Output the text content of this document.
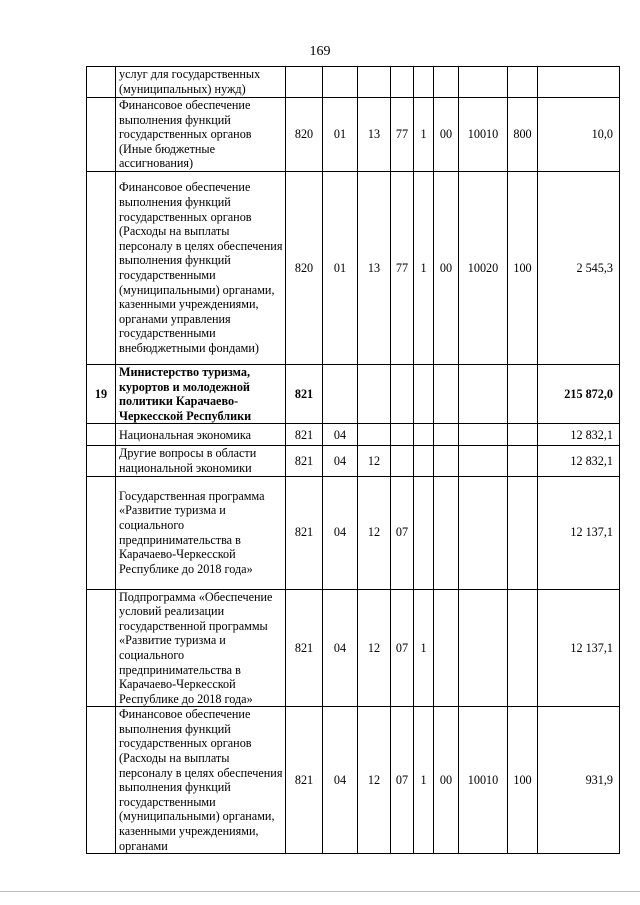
169
	услуг для государственных (муниципальных) нужд)									
	Финансовое обеспечение выполнения функций государственных органов (Иные бюджетные ассигнования)	820	01	13	77	1	00	10010	800	10,0
	Финансовое обеспечение выполнения функций государственных органов (Расходы на выплаты персоналу в целях обеспечения выполнения функций государственными (муниципальными) органами, казенными учреждениями, органами управления государственными внебюджетными фондами)	820	01	13	77	1	00	10020	100	2 545,3
19	Министерство туризма, курортов и молодежной политики Карачаево-Черкесской Республики	821								215 872,0
	Национальная экономика	821	04							12 832,1
	Другие вопросы в области национальной экономики	821	04	12						12 832,1
	Государственная программа «Развитие туризма и социального предпринимательства в Карачаево-Черкесской Республике до 2018 года»	821	04	12	07					12 137,1
	Подпрограмма «Обеспечение условий реализации государственной программы «Развитие туризма и социального предпринимательства в Карачаево-Черкесской Республике до 2018 года»	821	04	12	07	1				12 137,1
	Финансовое обеспечение выполнения функций государственных органов (Расходы на выплаты персоналу в целях обеспечения выполнения функций государственными (муниципальными) органами, казенными учреждениями, органами	821	04	12	07	1	00	10010	100	931,9
